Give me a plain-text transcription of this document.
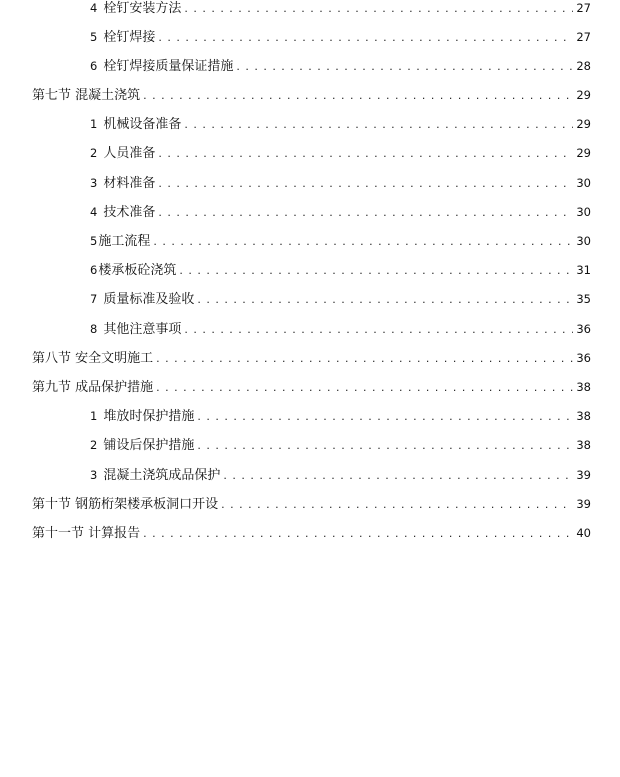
4 栓钉安装方法 . . .	27
5 栓钉焊接 . . .	27
6 栓钉焊接质量保证措施 . . .	28
第七节 混凝土浇筑 . . .	29
1 机械设备准备 . . .	29
2 人员准备 . . .	29
3 材料准备 . . .	30
4 技术准备 . . .	30
5 施工流程 . . .	30
6 楼承板砼浇筑 . . .	31
7 质量标准及验收 . . .	35
8 其他注意事项 . . .	36
第八节 安全文明施工 . . .	36
第九节 成品保护措施 . . .	38
1 堆放时保护措施 . . .	38
2 铺设后保护措施 . . .	38
3 混凝土浇筑成品保护 . . .	39
第十节 钢筋桁架楼承板洞口开设 . . .	39
第十一节 计算报告 . . .	40
